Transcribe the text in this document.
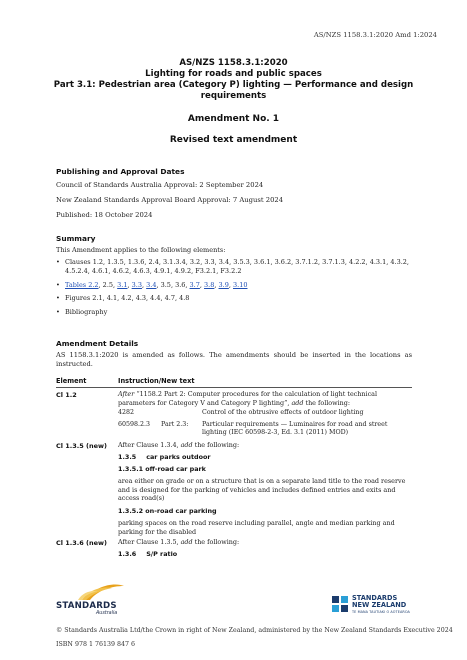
AS/NZS 1158.3.1:2020 Amd 1:2024
AS/NZS 1158.3.1:2020
Lighting for roads and public spaces
Part 3.1: Pedestrian area (Category P) lighting — Performance and design
requirements
Amendment No. 1
Revised text amendment
Publishing and Approval Dates
Council of Standards Australia Approval: 2 September 2024
New Zealand Standards Approval Board Approval: 7 August 2024
Published: 18 October 2024
Summary
This Amendment applies to the following elements:
• Clauses 1.2, 1.3.5, 1.3.6, 2.4, 3.1.3.4, 3.2, 3.3, 3.4, 3.5.3, 3.6.1, 3.6.2, 3.7.1.2, 3.7.1.3, 4.2.2, 4.3.1, 4.3.2,
4.5.2.4, 4.6.1, 4.6.2, 4.6.3, 4.9.1, 4.9.2, F3.2.1, F3.2.2
• Tables 2.2, 2.5, 3.1, 3.3, 3.4, 3.5, 3.6, 3.7, 3.8, 3.9, 3.10
• Figures 2.1, 4.1, 4.2, 4.3, 4.4, 4.7, 4.8
• Bibliography
Amendment Details
AS 1158.3.1:2020 is amended as follows. The amendments should be inserted in the locations as instructed.
Element	Instruction/New text
Cl 1.2	After “1158.2 Part 2: Computer procedures for the calculation of light technical parameters for Category V and Category P lighting”, add the following:
4282	Control of the obtrusive effects of outdoor lighting
60598.2.3 Part 2.3: Particular requirements — Luminaires for road and street lighting (IEC 60598-2-3, Ed. 3.1 (2011) MOD)
Cl 1.3.5 (new) After Clause 1.3.4, add the following:
1.3.5 car parks outdoor
1.3.5.1 off-road car park
area either on grade or on a structure that is on a separate land title to the road reserve and is designed for the parking of vehicles and includes defined entries and exits and access road(s)
1.3.5.2 on-road car parking
parking spaces on the road reserve including parallel, angle and median parking and parking for the disabled
Cl 1.3.6 (new) After Clause 1.3.5, add the following:
1.3.6 S/P ratio
STANDARDS
Australia
STANDARDS
NEW ZEALAND
TE MANA TAUTIAKI O AOTEAROA
© Standards Australia Ltd/the Crown in right of New Zealand, administered by the New Zealand Standards Executive 2024
ISBN 978 1 76139 847 6
